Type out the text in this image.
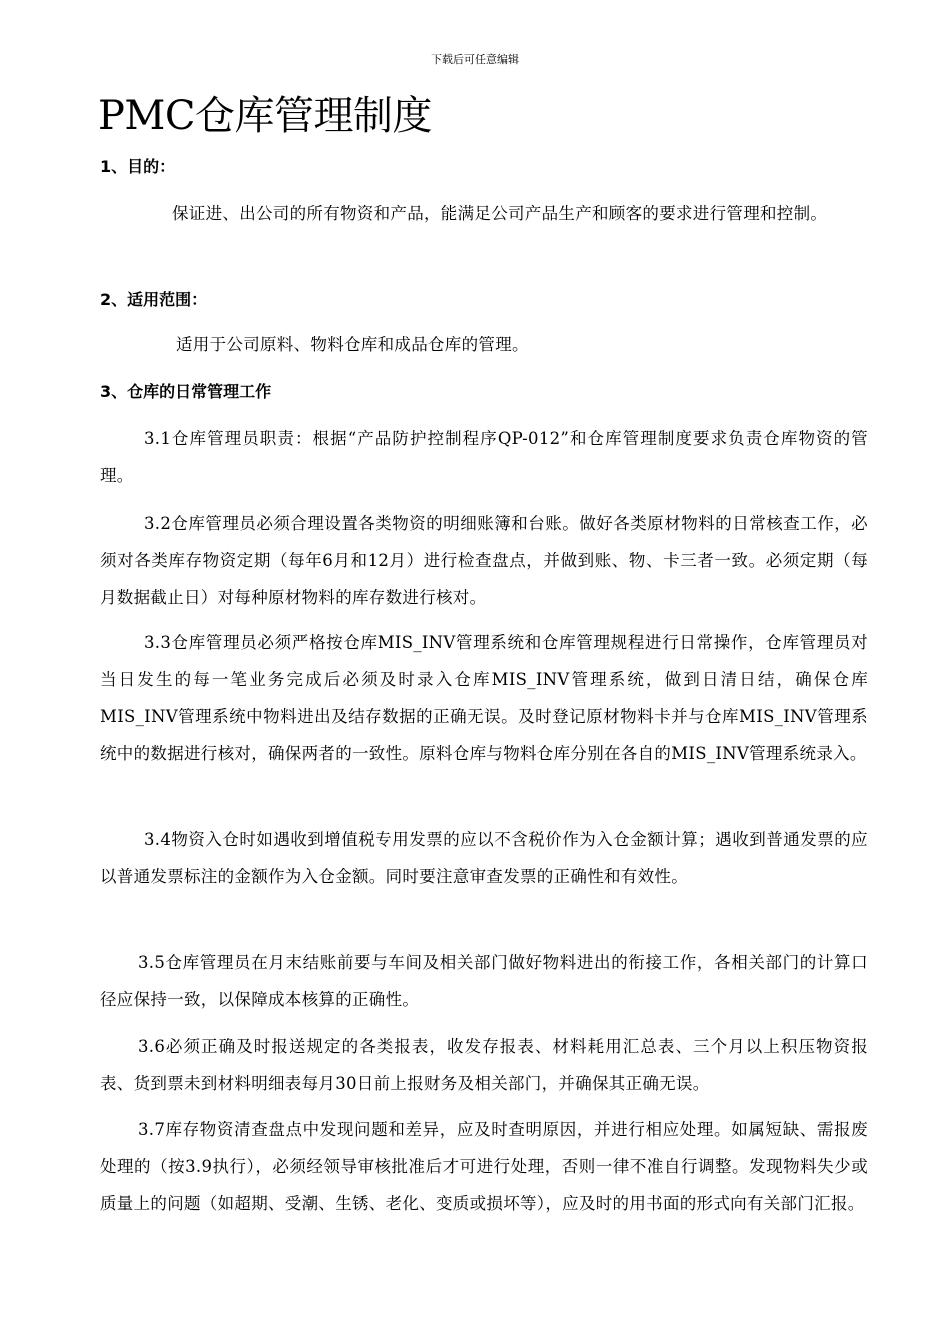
下载后可任意编辑
PMC仓库管理制度
1、目的：

保证进、出公司的所有物资和产品，能满足公司产品生产和顾客的要求进行管理和控制。

2、适用范围：

适用于公司原料、物料仓库和成品仓库的管理。

3、仓库的日常管理工作

3.1仓库管理员职责：根据“产品防护控制程序QP-012”和仓库管理制度要求负责仓库物资的管理。

3.2仓库管理员必须合理设置各类物资的明细账簿和台账。做好各类原材物料的日常核查工作，必须对各类库存物资定期（每年6月和12月）进行检查盘点，并做到账、物、卡三者一致。必须定期（每月数据截止日）对每种原材物料的库存数进行核对。

3.3仓库管理员必须严格按仓库MIS_INV管理系统和仓库管理规程进行日常操作，仓库管理员对当日发生的每一笔业务完成后必须及时录入仓库MIS_INV管理系统，做到日清日结，确保仓库MIS_INV管理系统中物料进出及结存数据的正确无误。及时登记原材物料卡并与仓库MIS_INV管理系统中的数据进行核对，确保两者的一致性。原料仓库与物料仓库分别在各自的MIS_INV管理系统录入。

3.4物资入仓时如遇收到增值税专用发票的应以不含税价作为入仓金额计算；遇收到普通发票的应以普通发票标注的金额作为入仓金额。同时要注意审查发票的正确性和有效性。

3.5仓库管理员在月末结账前要与车间及相关部门做好物料进出的衔接工作，各相关部门的计算口径应保持一致，以保障成本核算的正确性。

3.6必须正确及时报送规定的各类报表，收发存报表、材料耗用汇总表、三个月以上积压物资报表、货到票未到材料明细表每月30日前上报财务及相关部门，并确保其正确无误。

3.7库存物资清查盘点中发现问题和差异，应及时查明原因，并进行相应处理。如属短缺、需报废处理的（按3.9执行），必须经领导审核批准后才可进行处理，否则一律不准自行调整。发现物料失少或质量上的问题（如超期、受潮、生锈、老化、变质或损坏等），应及时的用书面的形式向有关部门汇报。
